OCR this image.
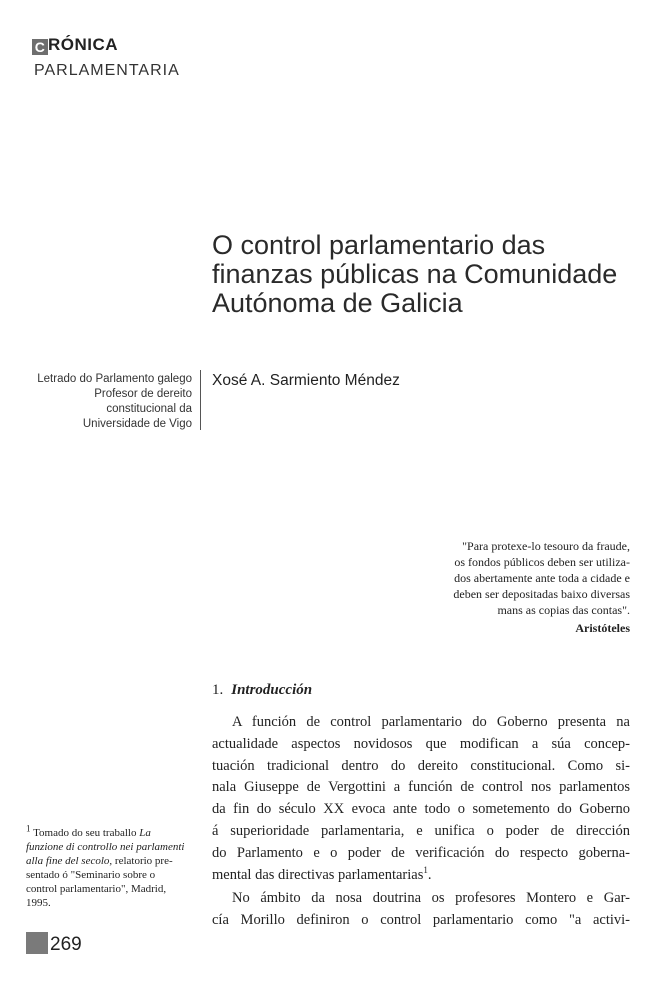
C RÓNICA
PARLAMENTARIA
O control parlamentario das
finanzas públicas na Comunidade
Autónoma de Galicia
Letrado do Parlamento galego
Profesor de dereito
constitucional da
Universidade de Vigo
Xosé A. Sarmiento Méndez
"Para protexe-lo tesouro da fraude,
os fondos públicos deben ser utiliza-
dos abertamente ante toda a cidade e
deben ser depositadas baixo diversas
mans as copias das contas".
Aristóteles
1. Introducción
A función de control parlamentario do Goberno presenta na
actualidade aspectos novidosos que modifican a súa concep-
tuación tradicional dentro do dereito constitucional. Como si-
nala Giuseppe de Vergottini a función de control nos parlamentos
da fin do século XX evoca ante todo o sometemento do Goberno
á superioridade parlamentaria, e unifica o poder de dirección
do Parlamento e o poder de verificación do respecto goberna-
mental das directivas parlamentarias$^1$.
No ámbito da nosa doutrina os profesores Montero e Gar-
cía Morillo definiron o control parlamentario como "a activi-
$^1$ Tomado do seu traballo La
funzione di controllo nei parlamenti
alla fine del secolo, relatorio pre-
sentado ó "Seminario sobre o
control parlamentario", Madrid,
1995.
269
